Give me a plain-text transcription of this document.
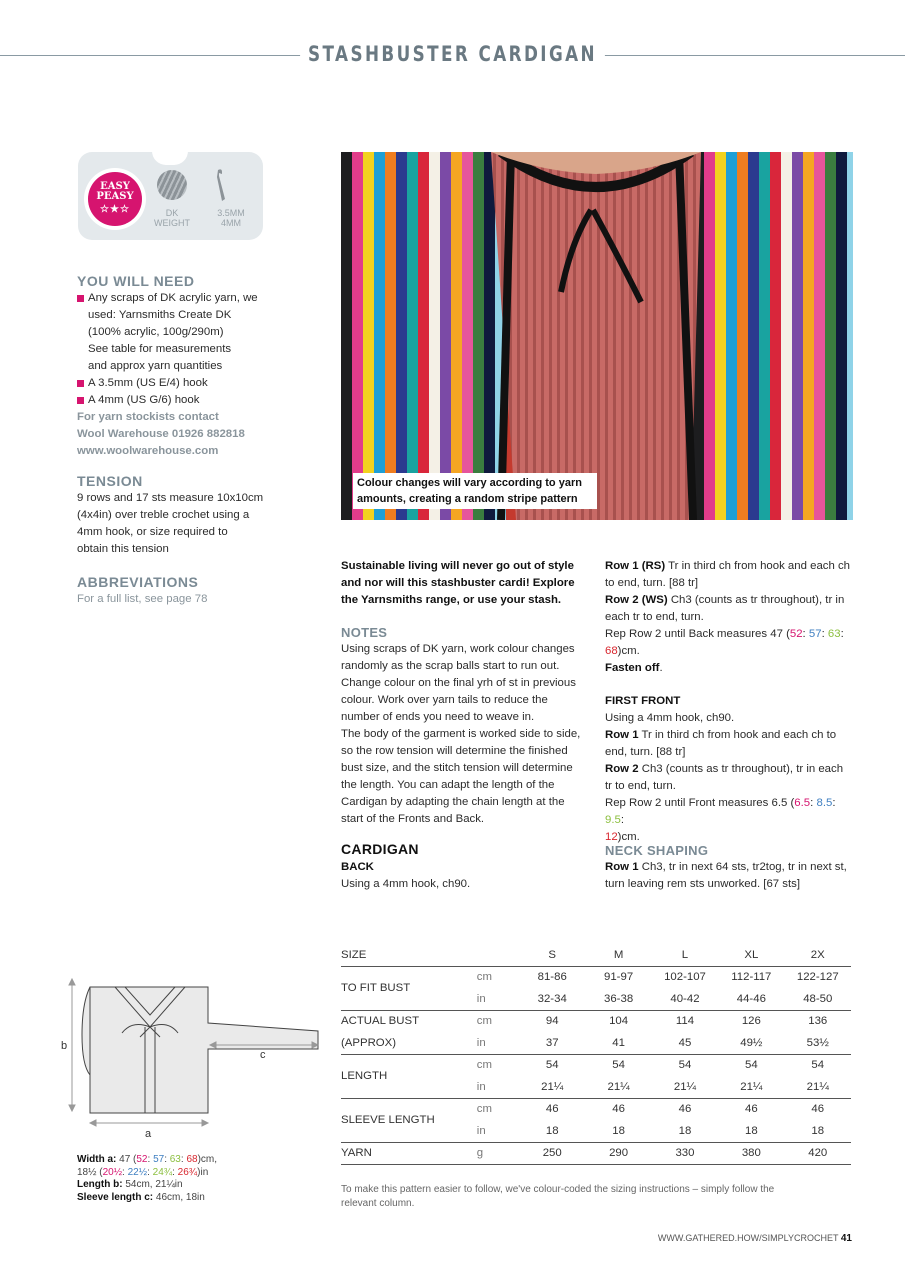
STASHBUSTER CARDIGAN
EASY
PEASY
☆★☆	DK
WEIGHT
3.5MM
4MM
YOU WILL NEED
Any scraps of DK acrylic yarn, we
used: Yarnsmiths Create DK
(100% acrylic, 100g/290m)
See table for measurements
and approx yarn quantities
A 3.5mm (US E/4) hook
A 4mm (US G/6) hook
For yarn stockists contact
Wool Warehouse 01926 882818
www.woolwarehouse.com
TENSION
9 rows and 17 sts measure 10x10cm
(4x4in) over treble crochet using a
4mm hook, or size required to
obtain this tension
ABBREVIATIONS
For a full list, see page 78
Colour changes will vary according to yarn
amounts, creating a random stripe pattern
Sustainable living will never go out of style
and nor will this stashbuster cardi! Explore
the Yarnsmiths range, or use your stash.
NOTES
Using scraps of DK yarn, work colour changes
randomly as the scrap balls start to run out.
Change colour on the final yrh of st in previous
colour. Work over yarn tails to reduce the
number of ends you need to weave in.
The body of the garment is worked side to side,
so the row tension will determine the finished
bust size, and the stitch tension will determine
the length. You can adapt the length of the
Cardigan by adapting the chain length at the
start of the Fronts and Back.
CARDIGAN
BACK
Using a 4mm hook, ch90.
Row 1 (RS) Tr in third ch from hook and each ch
to end, turn. [88 tr]
Row 2 (WS) Ch3 (counts as tr throughout), tr in
each tr to end, turn.
Rep Row 2 until Back measures 47 (52: 57: 63:
68)cm.
Fasten off.
FIRST FRONT
Using a 4mm hook, ch90.
Row 1 Tr in third ch from hook and each ch to
end, turn. [88 tr]
Row 2 Ch3 (counts as tr throughout), tr in each
tr to end, turn.
Rep Row 2 until Front measures 6.5 (6.5: 8.5: 9.5:
12)cm.
NECK SHAPING
Row 1 Ch3, tr in next 64 sts, tr2tog, tr in next st,
turn leaving rem sts unworked. [67 sts]
SIZE		S	M	L	XL	2X
TO FIT BUST	cm	81-86	91-97	102-107	112-117	122-127
	in	32-34	36-38	40-42	44-46	48-50
ACTUAL BUST	cm	94	104	114	126	136
(APPROX)	in	37	41	45	49½	53½
LENGTH	cm	54	54	54	54	54
	in	21¼	21¼	21¼	21¼	21¼
SLEEVE LENGTH	cm	46	46	46	46	46
	in	18	18	18	18	18
YARN	g	250	290	330	380	420
To make this pattern easier to follow, we've colour-coded the sizing instructions – simply follow the
relevant column.
b
c
a
Width a: 47 (52: 57: 63: 68)cm,
18½ (20½: 22½: 24¾: 26¾)in
Length b: 54cm, 21¼in
Sleeve length c: 46cm, 18in
WWW.GATHERED.HOW/SIMPLYCROCHET 41
